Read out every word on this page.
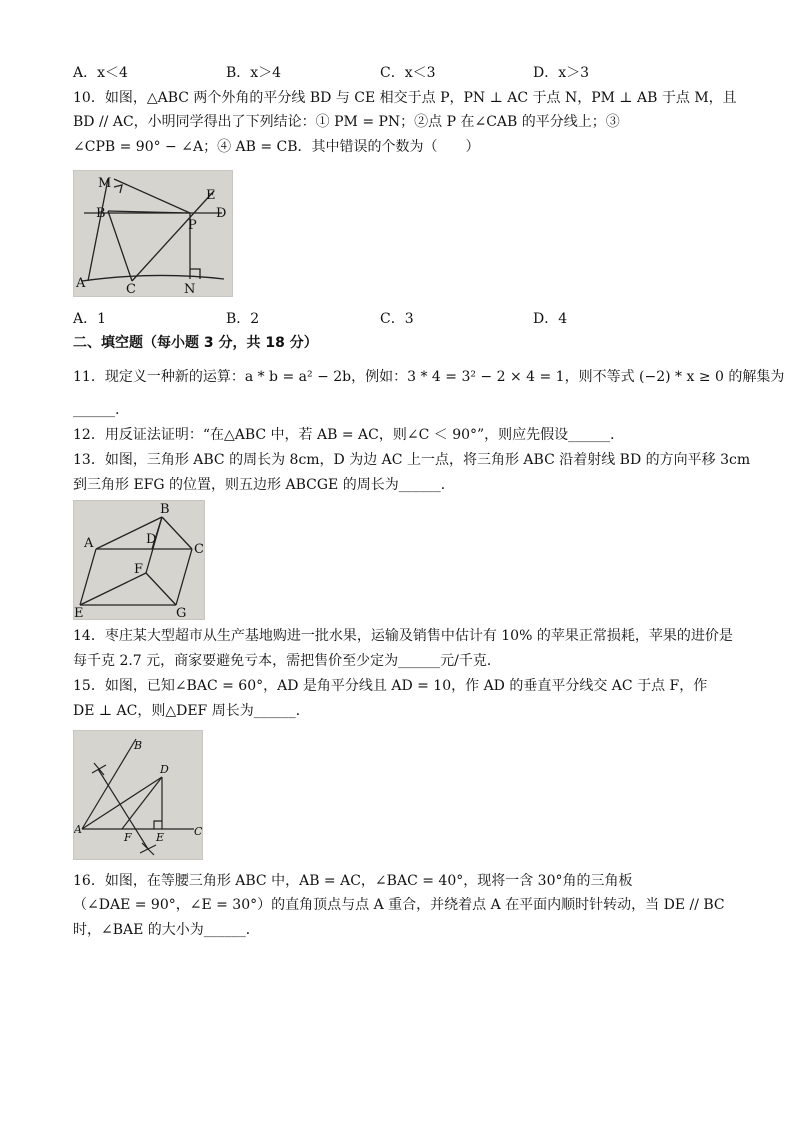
A．x＜4	B．x＞4	C．x＜3	D．x＞3
10．如图，△ABC 两个外角的平分线 BD 与 CE 相交于点 P，PN ⊥ AC 于点 N，PM ⊥ AB 于点 M，且
BD // AC，小明同学得出了下列结论：① PM = PN；②点 P 在∠CAB 的平分线上；③
∠CPB = 90° − ∠A；④ AB = CB．其中错误的个数为（　　）
M
B
E
P
D
A	C	N
A．1	B．2	C．3	D．4
二、填空题（每小题 3 分，共 18 分）
11．现定义一种新的运算：a * b = a² − 2b，例如：3 * 4 = 3² − 2 × 4 = 1，则不等式 (−2) * x ≥ 0 的解集为
______.
12．用反证法证明：“在△ABC 中，若 AB = AC，则∠C ＜ 90°”，则应先假设______．
13．如图，三角形 ABC 的周长为 8cm，D 为边 AC 上一点，将三角形 ABC 沿着射线 BD 的方向平移 3cm
到三角形 EFG 的位置，则五边形 ABCGE 的周长为______．
B
A	D
C
F
E	G
14．枣庄某大型超市从生产基地购进一批水果，运输及销售中估计有 10% 的苹果正常损耗，苹果的进价是
每千克 2.7 元，商家要避免亏本，需把售价至少定为______元/千克．
15．如图，已知∠BAC = 60°，AD 是角平分线且 AD = 10，作 AD 的垂直平分线交 AC 于点 F，作
DE ⊥ AC，则△DEF 周长为______．
B
D
A
F E	C
16．如图，在等腰三角形 ABC 中，AB = AC，∠BAC = 40°，现将一含 30°角的三角板
（∠DAE = 90°，∠E = 30°）的直角顶点与点 A 重合，并绕着点 A 在平面内顺时针转动，当 DE // BC
时，∠BAE 的大小为______．
